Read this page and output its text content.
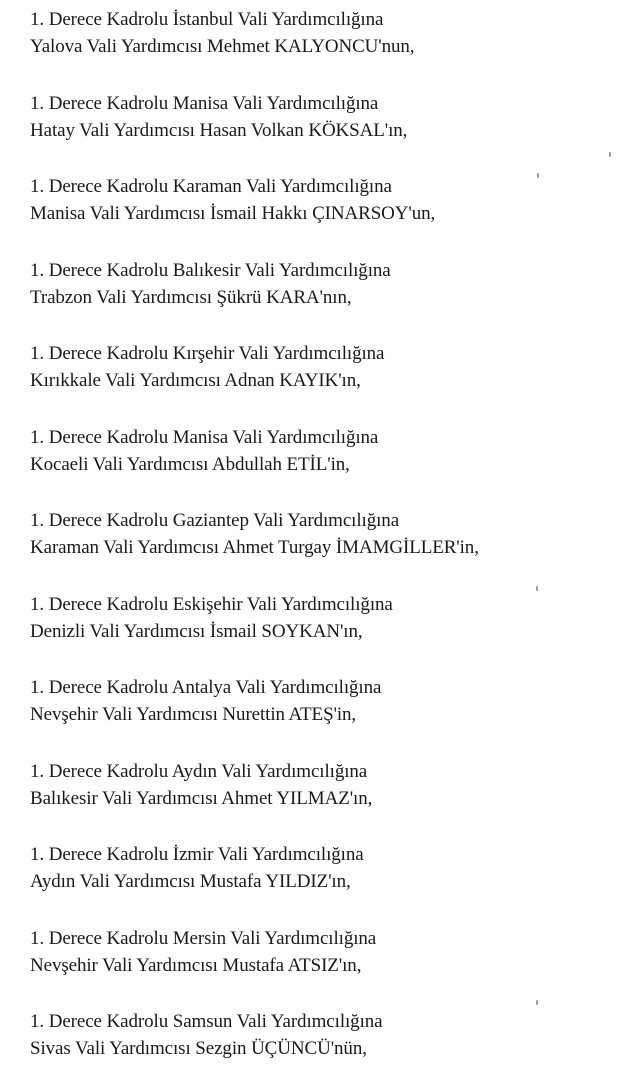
1. Derece Kadrolu İstanbul Vali Yardımcılığına
Yalova Vali Yardımcısı Mehmet KALYONCU'nun,
1. Derece Kadrolu Manisa Vali Yardımcılığına
Hatay Vali Yardımcısı Hasan Volkan KÖKSAL'ın,
1. Derece Kadrolu Karaman Vali Yardımcılığına
Manisa Vali Yardımcısı İsmail Hakkı ÇINARSOY'un,
1. Derece Kadrolu Balıkesir Vali Yardımcılığına
Trabzon Vali Yardımcısı Şükrü KARA'nın,
1. Derece Kadrolu Kırşehir Vali Yardımcılığına
Kırıkkale Vali Yardımcısı Adnan KAYIK'ın,
1. Derece Kadrolu Manisa Vali Yardımcılığına
Kocaeli Vali Yardımcısı Abdullah ETİL'in,
1. Derece Kadrolu Gaziantep Vali Yardımcılığına
Karaman Vali Yardımcısı Ahmet Turgay İMAMGİLLER'in,
1. Derece Kadrolu Eskişehir Vali Yardımcılığına
Denizli Vali Yardımcısı İsmail SOYKAN'ın,
1. Derece Kadrolu Antalya Vali Yardımcılığına
Nevşehir Vali Yardımcısı Nurettin ATEŞ'in,
1. Derece Kadrolu Aydın Vali Yardımcılığına
Balıkesir Vali Yardımcısı Ahmet YILMAZ'ın,
1. Derece Kadrolu İzmir Vali Yardımcılığına
Aydın Vali Yardımcısı Mustafa YILDIZ'ın,
1. Derece Kadrolu Mersin Vali Yardımcılığına
Nevşehir Vali Yardımcısı Mustafa ATSIZ'ın,
1. Derece Kadrolu Samsun Vali Yardımcılığına
Sivas Vali Yardımcısı Sezgin ÜÇÜNCÜ'nün,
